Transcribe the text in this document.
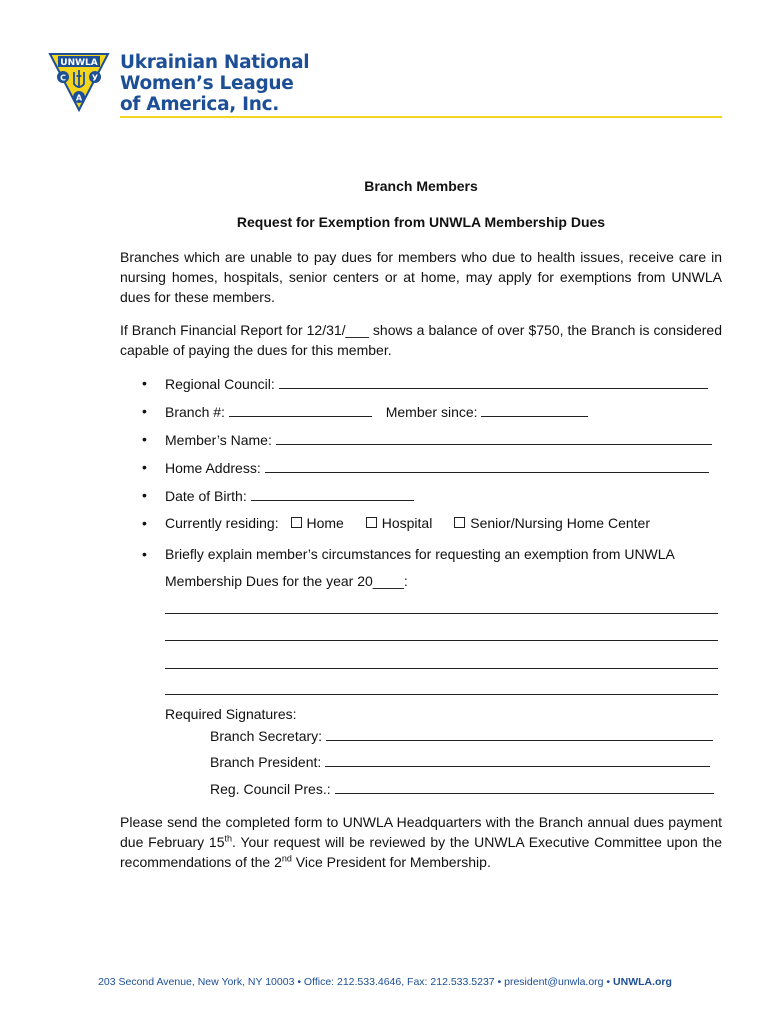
UNWLA
С	У
А
Ukrainian National
Women’s League
of America, Inc.
Branch Members
Request for Exemption from UNWLA Membership Dues
Branches which are unable to pay dues for members who due to health issues, receive care in nursing homes, hospitals, senior centers or at home, may apply for exemptions from UNWLA dues for these members.
If Branch Financial Report for 12/31/___ shows a balance of over $750, the Branch is considered capable of paying the dues for this member.
• Regional Council:
• Branch #:	Member since:
• Member’s Name:
• Home Address:
• Date of Birth:
• Currently residing: Home	Hospital	Senior/Nursing Home Center
• Briefly explain member’s circumstances for requesting an exemption from UNWLA
Membership Dues for the year 20____:
Required Signatures:
Branch Secretary:
Branch President:
Reg. Council Pres.:
Please send the completed form to UNWLA Headquarters with the Branch annual dues payment due February 15th. Your request will be reviewed by the UNWLA Executive Committee upon the recommendations of the 2nd Vice President for Membership.
203 Second Avenue, New York, NY 10003 • Office: 212.533.4646, Fax: 212.533.5237 • president@unwla.org • UNWLA.org
